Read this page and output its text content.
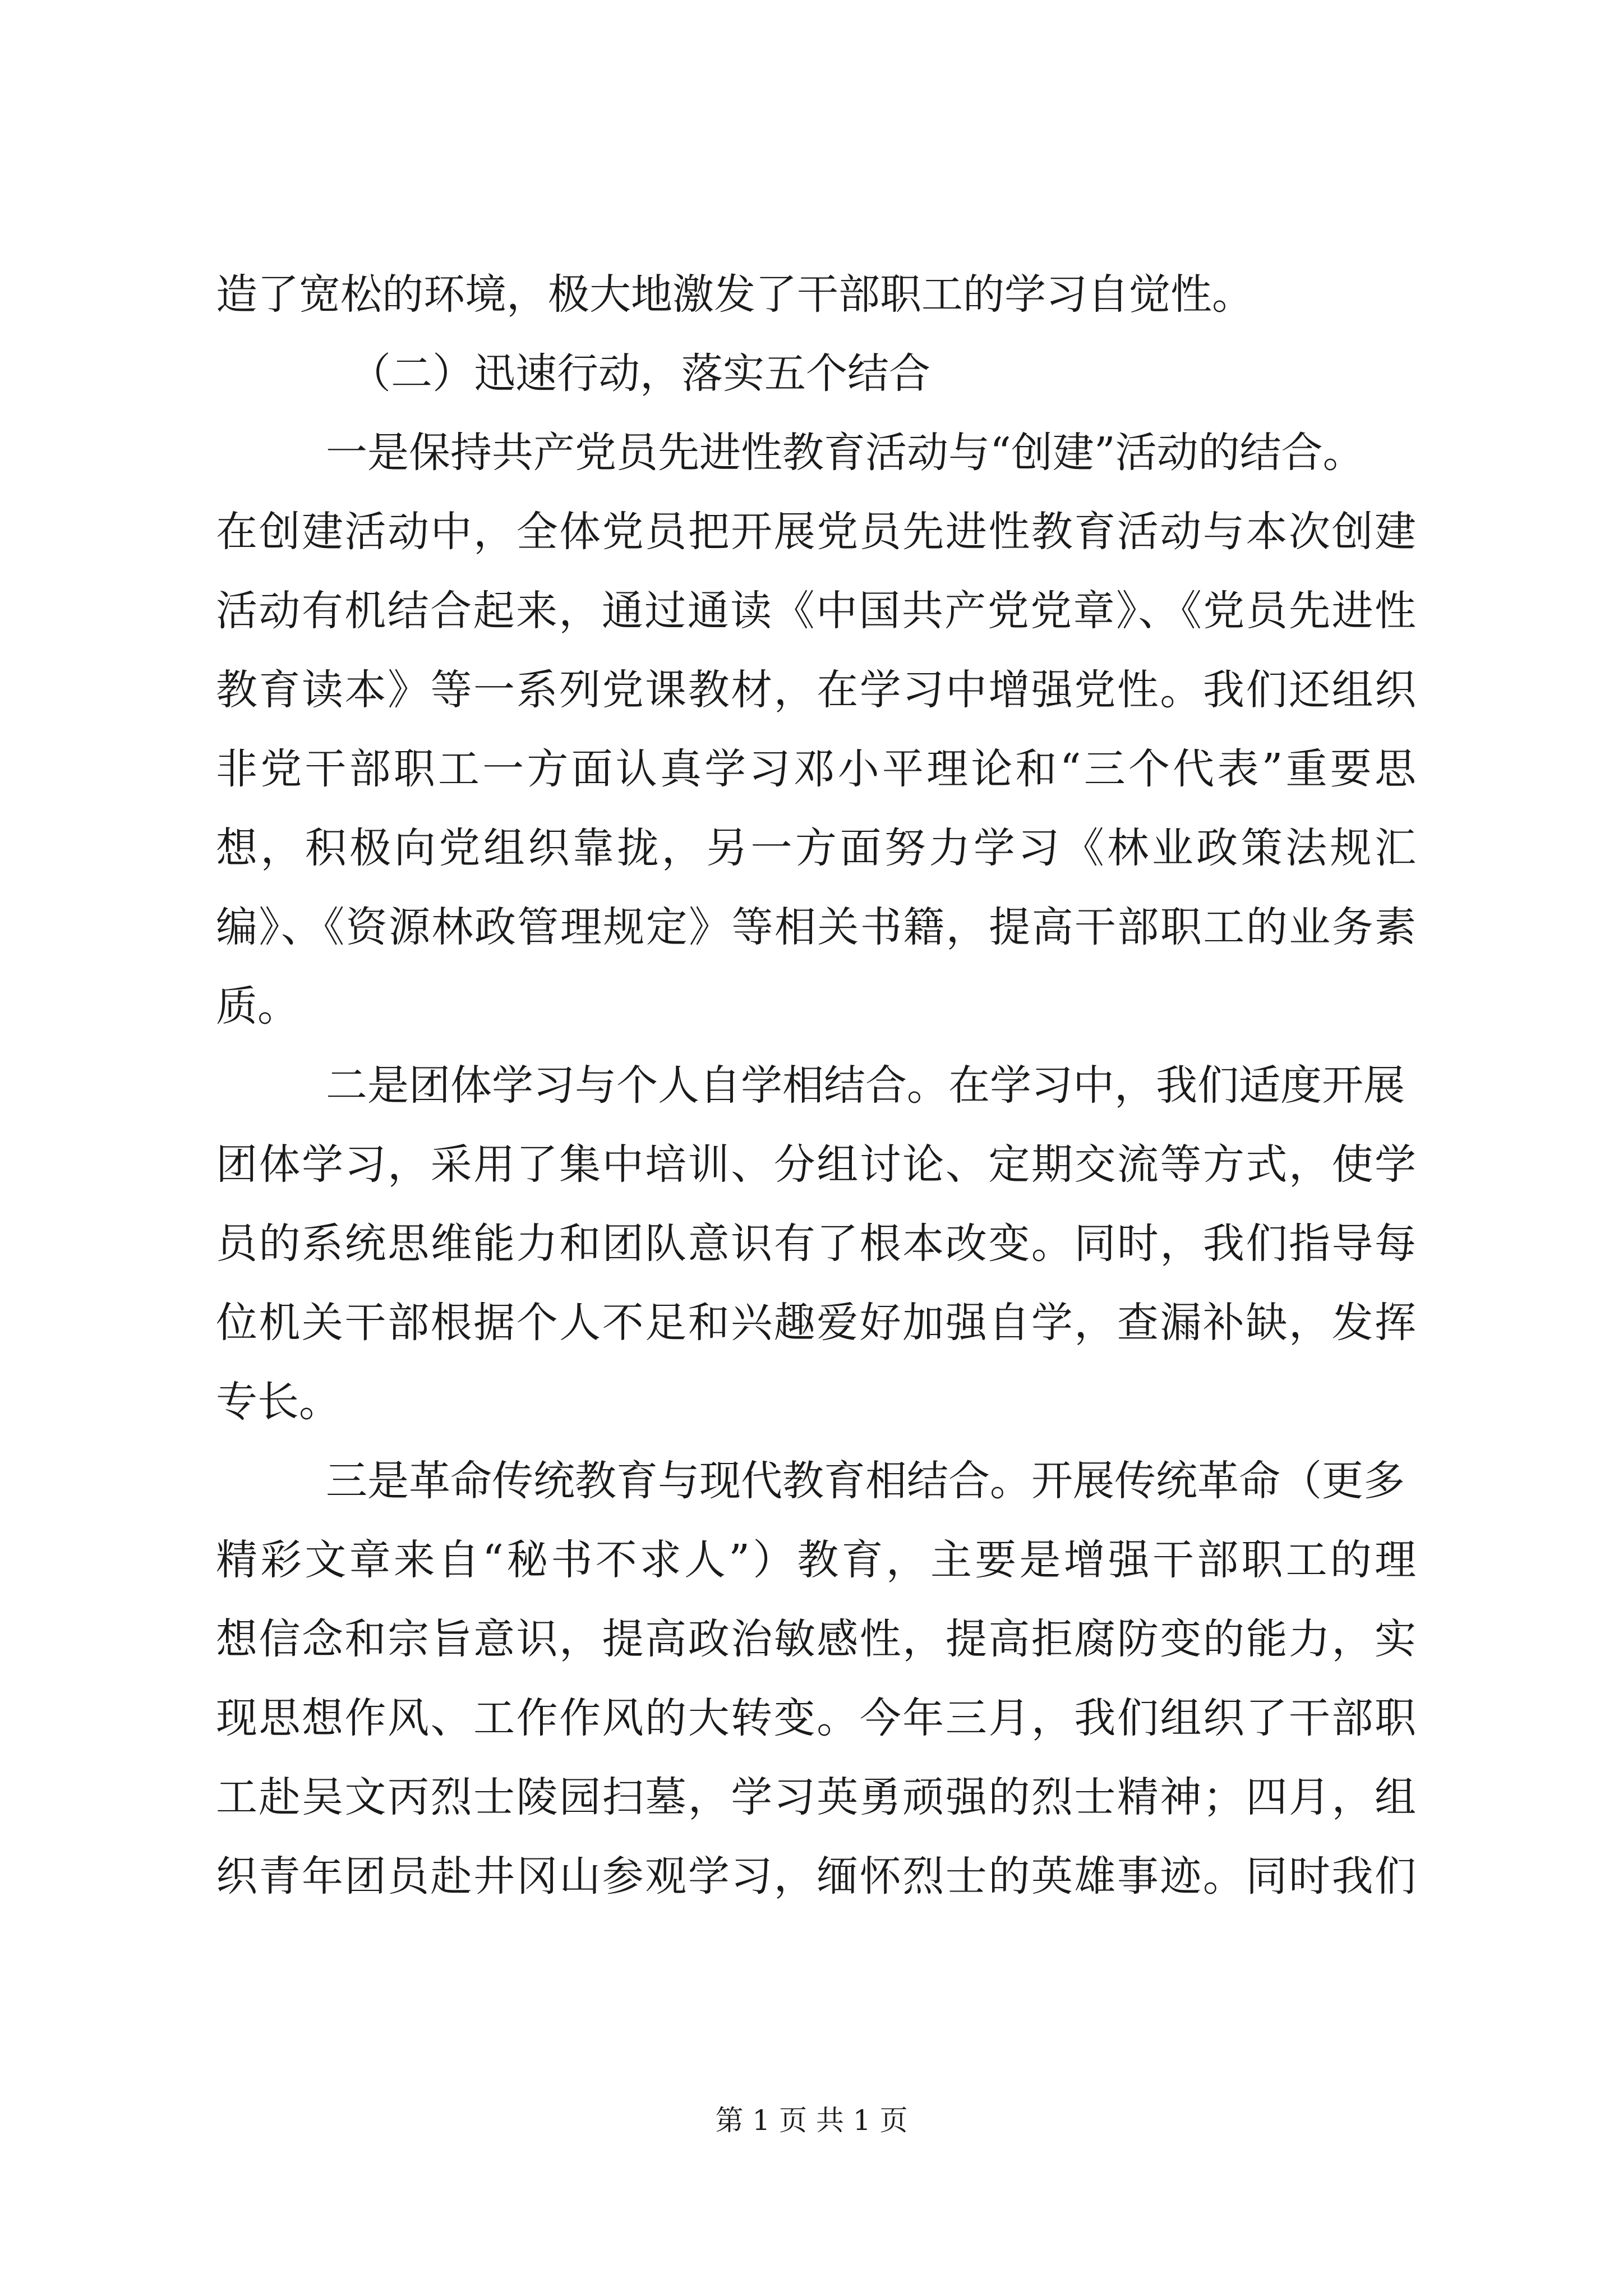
造了宽松的环境，极大地激发了干部职工的学习自觉性。
（二）迅速行动，落实五个结合
一是保持共产党员先进性教育活动与“创建”活动的结合。
在创建活动中，全体党员把开展党员先进性教育活动与本次创建
活动有机结合起来，通过通读《中国共产党党章》、《党员先进性
教育读本》等一系列党课教材，在学习中增强党性。我们还组织
非党干部职工一方面认真学习邓小平理论和“三个代表”重要思
想，积极向党组织靠拢，另一方面努力学习《林业政策法规汇
编》、《资源林政管理规定》等相关书籍，提高干部职工的业务素
质。
二是团体学习与个人自学相结合。在学习中，我们适度开展
团体学习，采用了集中培训、分组讨论、定期交流等方式，使学
员的系统思维能力和团队意识有了根本改变。同时，我们指导每
位机关干部根据个人不足和兴趣爱好加强自学，查漏补缺，发挥
专长。
三是革命传统教育与现代教育相结合。开展传统革命（更多
精彩文章来自“秘书不求人”）教育，主要是增强干部职工的理
想信念和宗旨意识，提高政治敏感性，提高拒腐防变的能力，实
现思想作风、工作作风的大转变。今年三月，我们组织了干部职
工赴吴文丙烈士陵园扫墓，学习英勇顽强的烈士精神；四月，组
织青年团员赴井冈山参观学习，缅怀烈士的英雄事迹。同时我们
第 1 页 共 1 页
